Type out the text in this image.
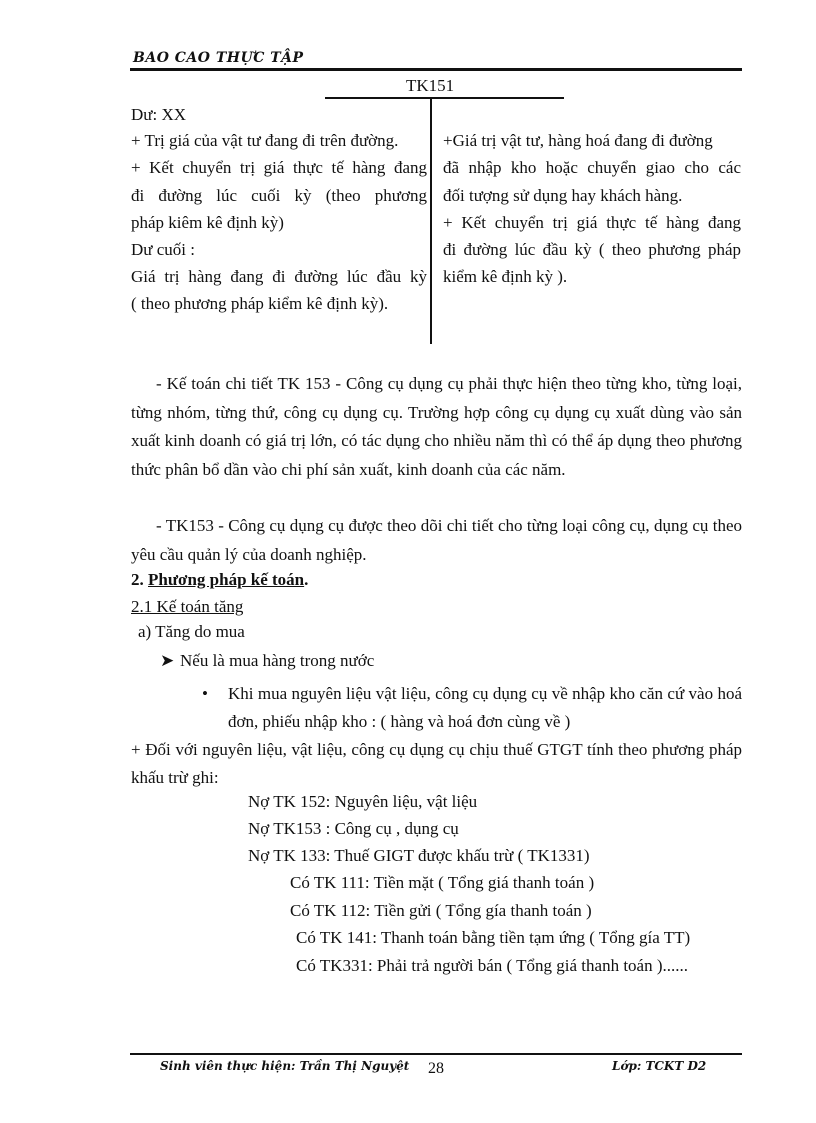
BAO CAO THỰC TẬP
TK151
Dư: XX
+ Trị giá của vật tư đang đi trên đường.
+ Kết chuyển trị giá thực tế hàng đang
đi đường lúc cuối kỳ (theo phương
pháp kiêm kê định kỳ)
Dư cuối :
Giá trị hàng đang đi đường lúc đầu kỳ
( theo phương pháp kiểm kê định kỳ).
+Giá trị vật tư, hàng hoá đang đi đường
đã nhập kho hoặc chuyển giao cho các
đối tượng sử dụng hay khách hàng.
+ Kết chuyển trị giá thực tế hàng đang
đi đường lúc đầu kỳ ( theo phương pháp
kiểm kê định kỳ ).
- Kế toán chi tiết TK 153 - Công cụ dụng cụ phải thực hiện theo từng kho, từng loại, từng nhóm, từng thứ, công cụ dụng cụ. Trường hợp công cụ dụng cụ xuất dùng vào sản xuất kinh doanh có giá trị lớn, có tác dụng cho nhiều năm thì có thể áp dụng theo phương thức phân bổ dần vào chi phí sản xuất, kinh doanh của các năm.
- TK153 - Công cụ dụng cụ được theo dõi chi tiết cho từng loại công cụ, dụng cụ theo yêu cầu quản lý của doanh nghiệp.
2. Phương pháp kế toán.
2.1 Kế toán tăng
a) Tăng do mua
➤ Nếu là mua hàng trong nước
• Khi mua nguyên liệu vật liệu, công cụ dụng cụ về nhập kho căn cứ vào hoá đơn, phiếu nhập kho : ( hàng và hoá đơn cùng về )
+ Đối với nguyên liệu, vật liệu, công cụ dụng cụ chịu thuế GTGT tính theo phương pháp khấu trừ ghi:
Nợ TK 152: Nguyên liệu, vật liệu
Nợ TK153 : Công cụ , dụng cụ
Nợ TK 133: Thuế GIGT được khấu trừ ( TK1331)
Có TK 111: Tiền mặt ( Tổng giá thanh toán )
Có TK 112: Tiền gửi ( Tổng gía thanh toán )
Có TK 141: Thanh toán bằng tiền tạm ứng ( Tổng gía TT)
Có TK331: Phải trả người bán ( Tổng giá thanh toán )......
Sinh viên thực hiện: Trần Thị Nguyệt 28	Lớp: TCKT D2
